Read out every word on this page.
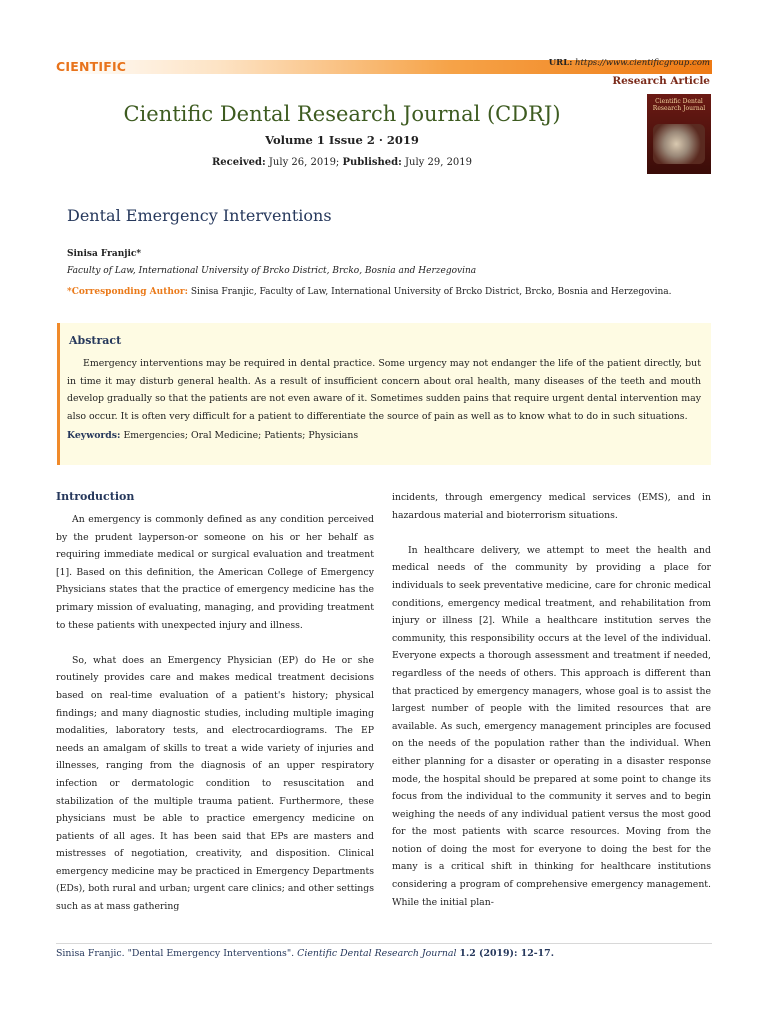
CIENTIFIC	URL: https://www.cientificgroup.com
Research Article
Cientific Dental Research Journal (CDRJ)
Volume 1 Issue 2 · 2019
Received: July 26, 2019; Published: July 29, 2019
Cientific Dental Research Journal
Dental Emergency Interventions
Sinisa Franjic*
Faculty of Law, International University of Brcko District, Brcko, Bosnia and Herzegovina
*Corresponding Author: Sinisa Franjic, Faculty of Law, International University of Brcko District, Brcko, Bosnia and Herzegovina.
Abstract

Emergency interventions may be required in dental practice. Some urgency may not endanger the life of the patient directly, but in time it may disturb general health. As a result of insufficient concern about oral health, many diseases of the teeth and mouth develop gradually so that the patients are not even aware of it. Sometimes sudden pains that require urgent dental intervention may also occur. It is often very difficult for a patient to differentiate the source of pain as well as to know what to do in such situations.

Keywords: Emergencies; Oral Medicine; Patients; Physicians
Introduction

An emergency is commonly defined as any condition perceived by the prudent layperson-or someone on his or her behalf as requiring immediate medical or surgical evaluation and treatment [1]. Based on this definition, the American College of Emergency Physicians states that the practice of emergency medicine has the primary mission of evaluating, managing, and providing treatment to these patients with unexpected injury and illness.

So, what does an Emergency Physician (EP) do He or she routinely provides care and makes medical treatment decisions based on real-time evaluation of a patient's history; physical findings; and many diagnostic studies, including multiple imaging modalities, laboratory tests, and electrocardiograms. The EP needs an amalgam of skills to treat a wide variety of injuries and illnesses, ranging from the diagnosis of an upper respiratory infection or dermatologic condition to resuscitation and stabilization of the multiple trauma patient. Furthermore, these physicians must be able to practice emergency medicine on patients of all ages. It has been said that EPs are masters and mistresses of negotiation, creativity, and disposition. Clinical emergency medicine may be practiced in Emergency Departments (EDs), both rural and urban; urgent care clinics; and other settings such as at mass gathering

incidents, through emergency medical services (EMS), and in hazardous material and bioterrorism situations.

In healthcare delivery, we attempt to meet the health and medical needs of the community by providing a place for individuals to seek preventative medicine, care for chronic medical conditions, emergency medical treatment, and rehabilitation from injury or illness [2]. While a healthcare institution serves the community, this responsibility occurs at the level of the individual. Everyone expects a thorough assessment and treatment if needed, regardless of the needs of others. This approach is different than that practiced by emergency managers, whose goal is to assist the largest number of people with the limited resources that are available. As such, emergency management principles are focused on the needs of the population rather than the individual. When either planning for a disaster or operating in a disaster response mode, the hospital should be prepared at some point to change its focus from the individual to the community it serves and to begin weighing the needs of any individual patient versus the most good for the most patients with scarce resources. Moving from the notion of doing the most for everyone to doing the best for the many is a critical shift in thinking for healthcare institutions considering a program of comprehensive emergency management. While the initial plan-

Sinisa Franjic. "Dental Emergency Interventions". Cientific Dental Research Journal 1.2 (2019): 12-17.
